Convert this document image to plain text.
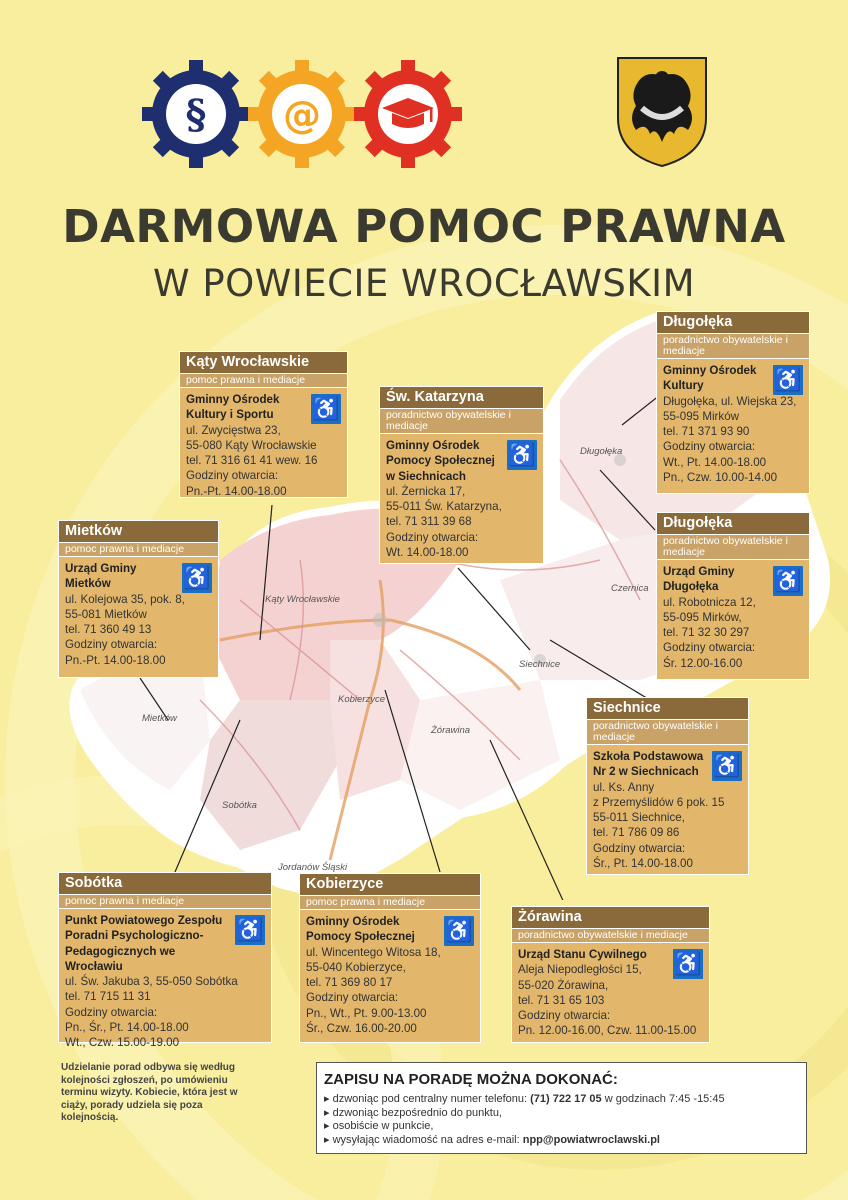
§ @
DARMOWA POMOC PRAWNA
W POWIECIE WROCŁAWSKIM
Kąty Wrocławskie
Długołęka
Czernica
Siechnice
Kobierzyce
Żórawina
Mietków
Sobótka
Jordanów Śląski
Kąty Wrocławskie
pomoc prawna i mediacje
♿
Gminny Ośrodek Kultury i Sportu
ul. Zwycięstwa 23,
55-080 Kąty Wrocławskie
tel. 71 316 61 41 wew. 16
Godziny otwarcia:
Pn.-Pt. 14.00-18.00
Św. Katarzyna
poradnictwo obywatelskie i mediacje
♿
Gminny Ośrodek Pomocy Społecznej w Siechnicach
ul. Żernicka 17,
55-011 Św. Katarzyna,
tel. 71 311 39 68
Godziny otwarcia:
Wt. 14.00-18.00
Długołęka
poradnictwo obywatelskie i mediacje
♿
Gminny Ośrodek Kultury
Długołęka, ul. Wiejska 23,
55-095 Mirków
tel. 71 371 93 90
Godziny otwarcia:
Wt., Pt. 14.00-18.00
Pn., Czw. 10.00-14.00
Mietków
pomoc prawna i mediacje
♿
Urząd Gminy Mietków
ul. Kolejowa 35, pok. 8,
55-081 Mietków
tel. 71 360 49 13
Godziny otwarcia:
Pn.-Pt. 14.00-18.00
Długołęka
poradnictwo obywatelskie i mediacje
♿
Urząd Gminy Długołęka
ul. Robotnicza 12,
55-095 Mirków,
tel. 71 32 30 297
Godziny otwarcia:
Śr. 12.00-16.00
Siechnice
poradnictwo obywatelskie i mediacje
♿
Szkoła Podstawowa Nr 2 w Siechnicach
ul. Ks. Anny
z Przemyślidów 6 pok. 15
55-011 Siechnice,
tel. 71 786 09 86
Godziny otwarcia:
Śr., Pt. 14.00-18.00
Sobótka
pomoc prawna i mediacje
♿
Punkt Powiatowego Zespołu Poradni Psychologiczno-Pedagogicznych we Wrocławiu
ul. Św. Jakuba 3, 55-050 Sobótka
tel. 71 715 11 31
Godziny otwarcia:
Pn., Śr., Pt. 14.00-18.00
Wt., Czw. 15.00-19.00
Kobierzyce
pomoc prawna i mediacje
♿
Gminny Ośrodek Pomocy Społecznej
ul. Wincentego Witosa 18,
55-040 Kobierzyce,
tel. 71 369 80 17
Godziny otwarcia:
Pn., Wt., Pt. 9.00-13.00
Śr., Czw. 16.00-20.00
Żórawina
poradnictwo obywatelskie i mediacje
♿
Urząd Stanu Cywilnego
Aleja Niepodległości 15,
55-020 Żórawina,
tel. 71 31 65 103
Godziny otwarcia:
Pn. 12.00-16.00, Czw. 11.00-15.00
Udzielanie porad odbywa się według kolejności zgłoszeń, po umówieniu terminu wizyty. Kobiecie, która jest w ciąży, porady udziela się poza kolejnością.
ZAPISU NA PORADĘ MOŻNA DOKONAĆ:
▸ dzwoniąc pod centralny numer telefonu: (71) 722 17 05 w godzinach 7:45 -15:45
▸ dzwoniąc bezpośrednio do punktu,
▸ osobiście w punkcie,
▸ wysyłając wiadomość na adres e-mail: npp@powiatwroclawski.pl
